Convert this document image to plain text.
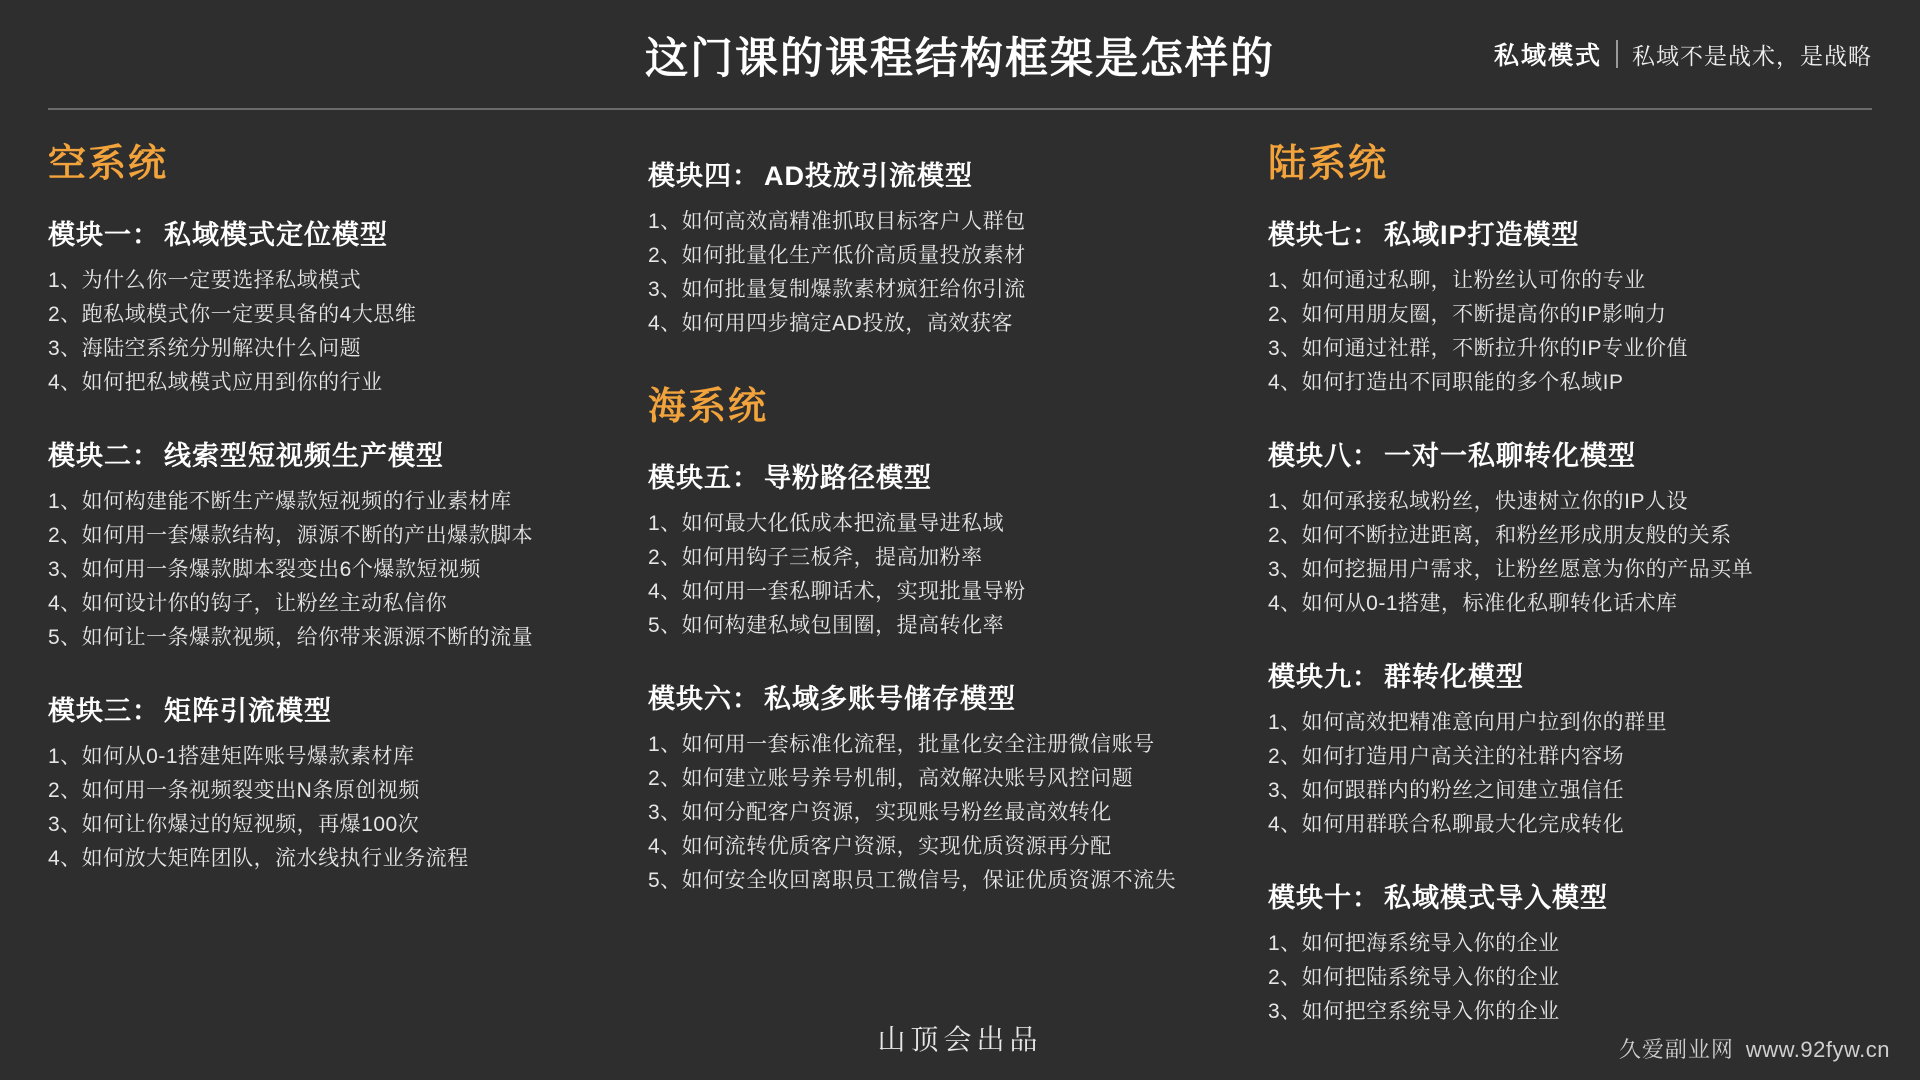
这门课的课程结构框架是怎样的	私域模式 私域不是战术，是战略
空系统
模块一： 私域模式定位模型
1、为什么你一定要选择私域模式
2、跑私域模式你一定要具备的4大思维
3、海陆空系统分别解决什么问题
4、如何把私域模式应用到你的行业
模块二： 线索型短视频生产模型
1、如何构建能不断生产爆款短视频的行业素材库
2、如何用一套爆款结构，源源不断的产出爆款脚本
3、如何用一条爆款脚本裂变出6个爆款短视频
4、如何设计你的钩子，让粉丝主动私信你
5、如何让一条爆款视频，给你带来源源不断的流量
模块三： 矩阵引流模型
1、如何从0-1搭建矩阵账号爆款素材库
2、如何用一条视频裂变出N条原创视频
3、如何让你爆过的短视频，再爆100次
4、如何放大矩阵团队，流水线执行业务流程
模块四： AD投放引流模型
1、如何高效高精准抓取目标客户人群包
2、如何批量化生产低价高质量投放素材
3、如何批量复制爆款素材疯狂给你引流
4、如何用四步搞定AD投放，高效获客
海系统
模块五： 导粉路径模型
1、如何最大化低成本把流量导进私域
2、如何用钩子三板斧，提高加粉率
4、如何用一套私聊话术，实现批量导粉
5、如何构建私域包围圈，提高转化率
模块六： 私域多账号储存模型
1、如何用一套标准化流程，批量化安全注册微信账号
2、如何建立账号养号机制，高效解决账号风控问题
3、如何分配客户资源，实现账号粉丝最高效转化
4、如何流转优质客户资源，实现优质资源再分配
5、如何安全收回离职员工微信号，保证优质资源不流失
陆系统
模块七： 私域IP打造模型
1、如何通过私聊，让粉丝认可你的专业
2、如何用朋友圈，不断提高你的IP影响力
3、如何通过社群，不断拉升你的IP专业价值
4、如何打造出不同职能的多个私域IP
模块八： 一对一私聊转化模型
1、如何承接私域粉丝，快速树立你的IP人设
2、如何不断拉进距离，和粉丝形成朋友般的关系
3、如何挖掘用户需求，让粉丝愿意为你的产品买单
4、如何从0-1搭建，标准化私聊转化话术库
模块九： 群转化模型
1、如何高效把精准意向用户拉到你的群里
2、如何打造用户高关注的社群内容场
3、如何跟群内的粉丝之间建立强信任
4、如何用群联合私聊最大化完成转化
模块十： 私域模式导入模型
1、如何把海系统导入你的企业
2、如何把陆系统导入你的企业
3、如何把空系统导入你的企业
山顶会出品	久爱副业网 www.92fyw.cn
